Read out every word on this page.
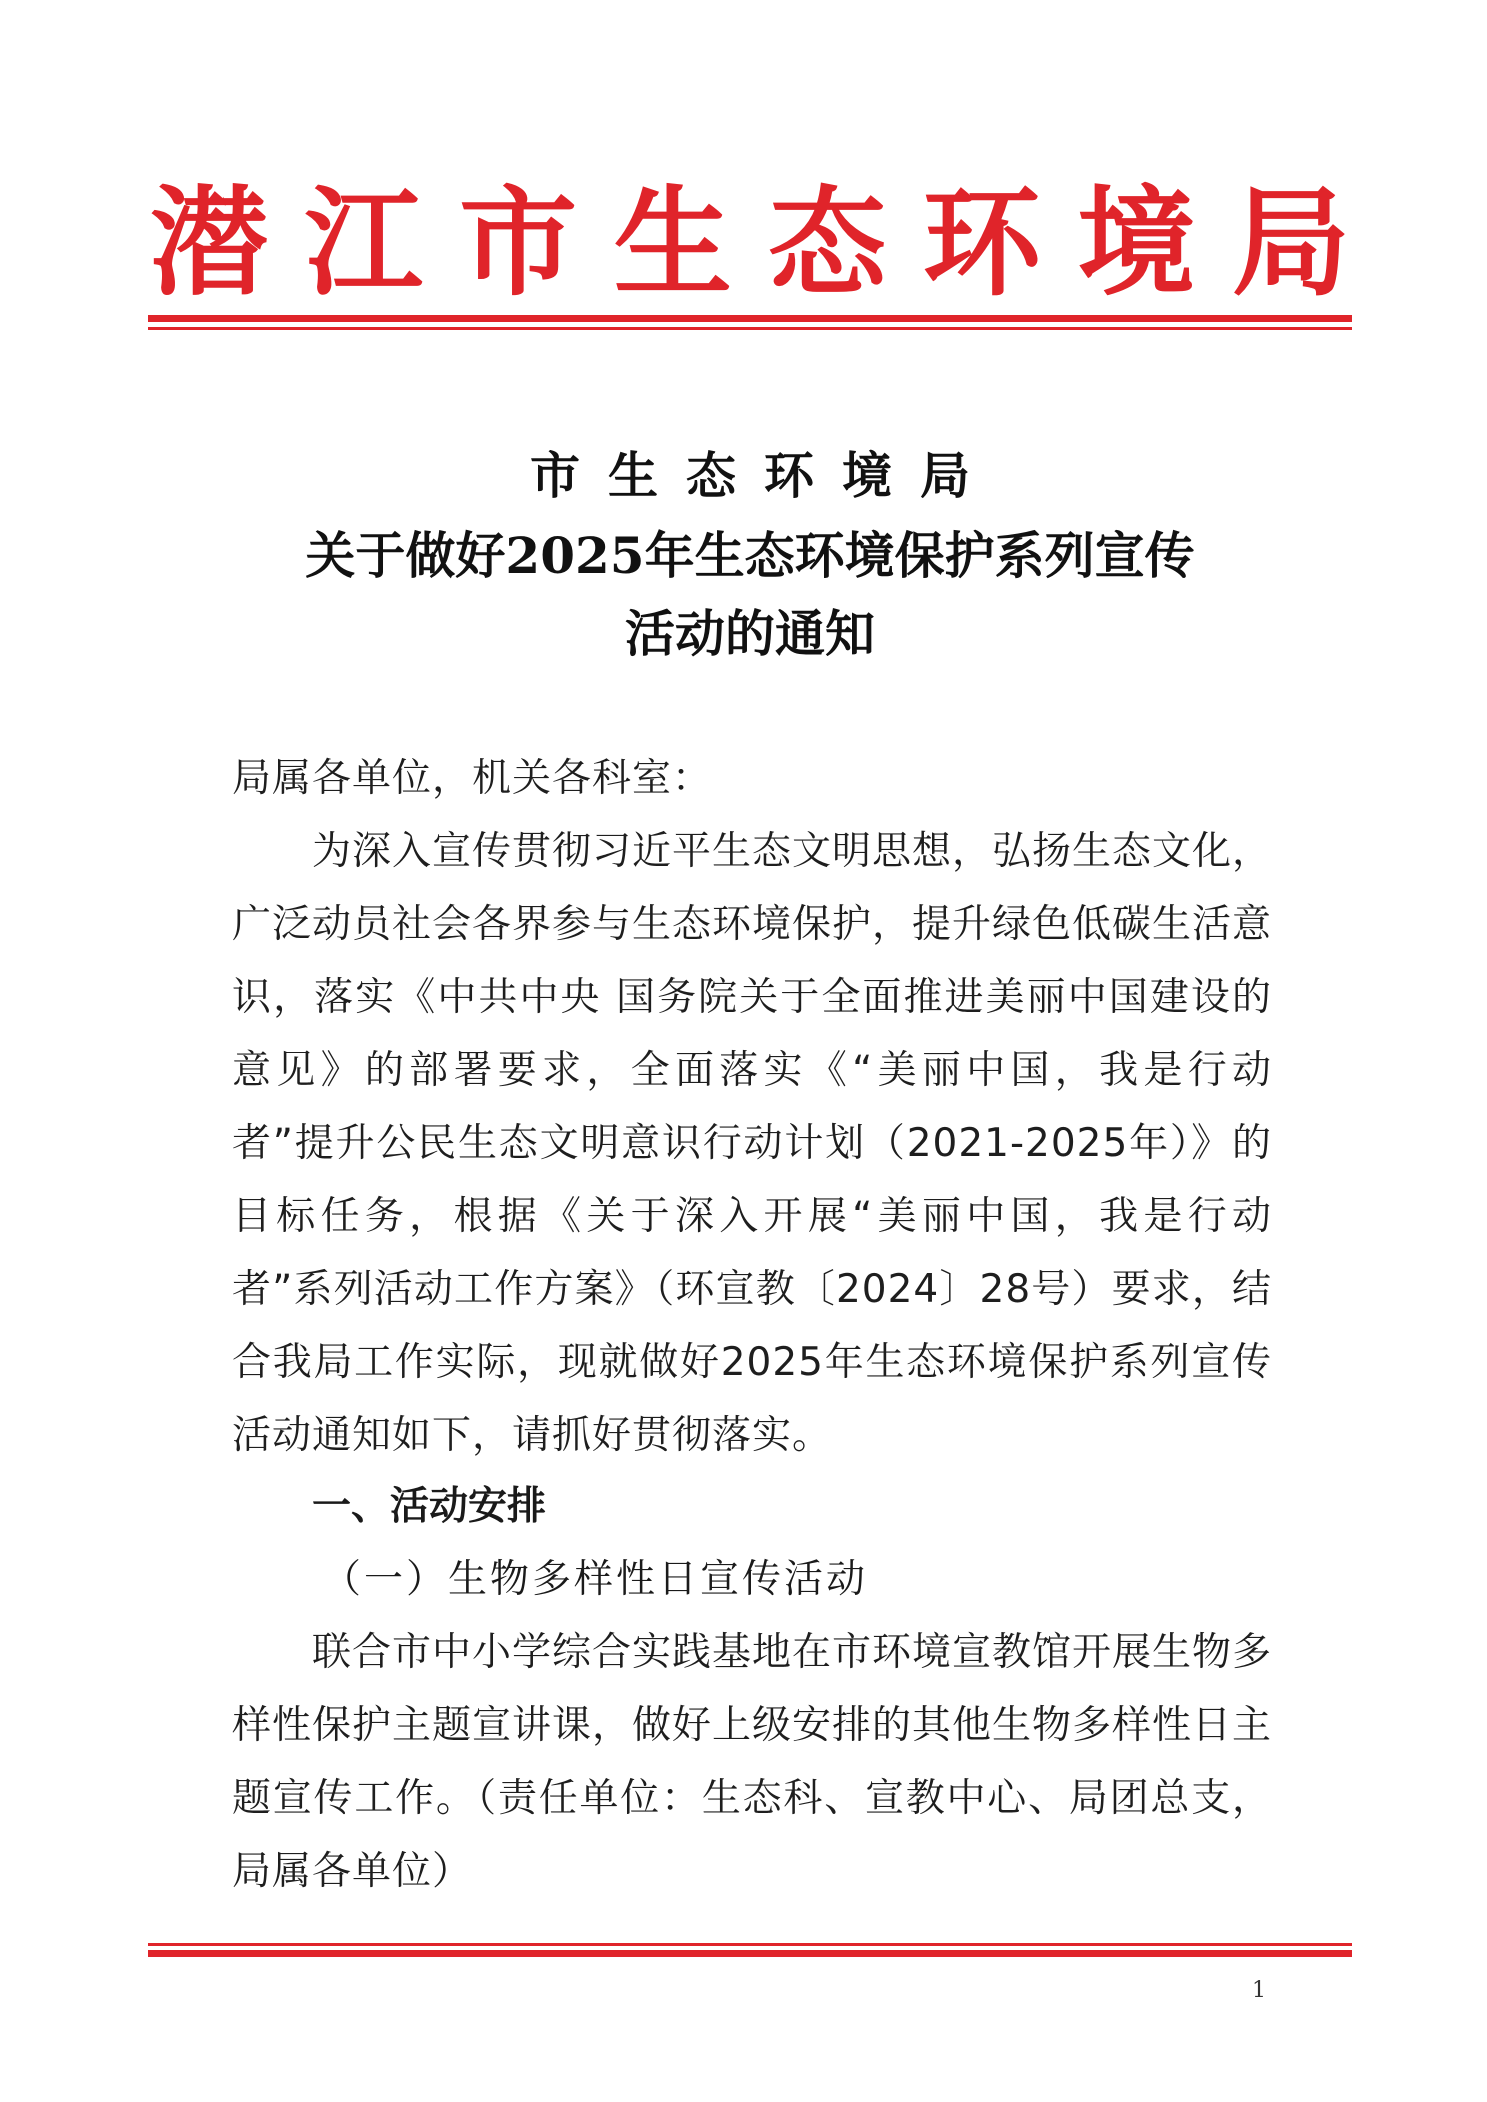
潜 江 市 生 态 环 境 局
市生态环境局
关于做好2025年生态环境保护系列宣传
活动的通知
局属各单位，机关各科室：
为深入宣传贯彻习近平生态文明思想，弘扬生态文化，广泛动员社会各界参与生态环境保护，提升绿色低碳生活意识，落实《中共中央 国务院关于全面推进美丽中国建设的意见》的部署要求，全面落实《“美丽中国，我是行动者”提升公民生态文明意识行动计划（2021-2025年）》的目标任务，根据《关于深入开展“美丽中国，我是行动者”系列活动工作方案》（环宣教〔2024〕28号）要求，结合我局工作实际，现就做好2025年生态环境保护系列宣传活动通知如下，请抓好贯彻落实。
一、活动安排
（一）生物多样性日宣传活动
联合市中小学综合实践基地在市环境宣教馆开展生物多样性保护主题宣讲课，做好上级安排的其他生物多样性日主题宣传工作。（责任单位：生态科、宣教中心、局团总支，局属各单位）
1
